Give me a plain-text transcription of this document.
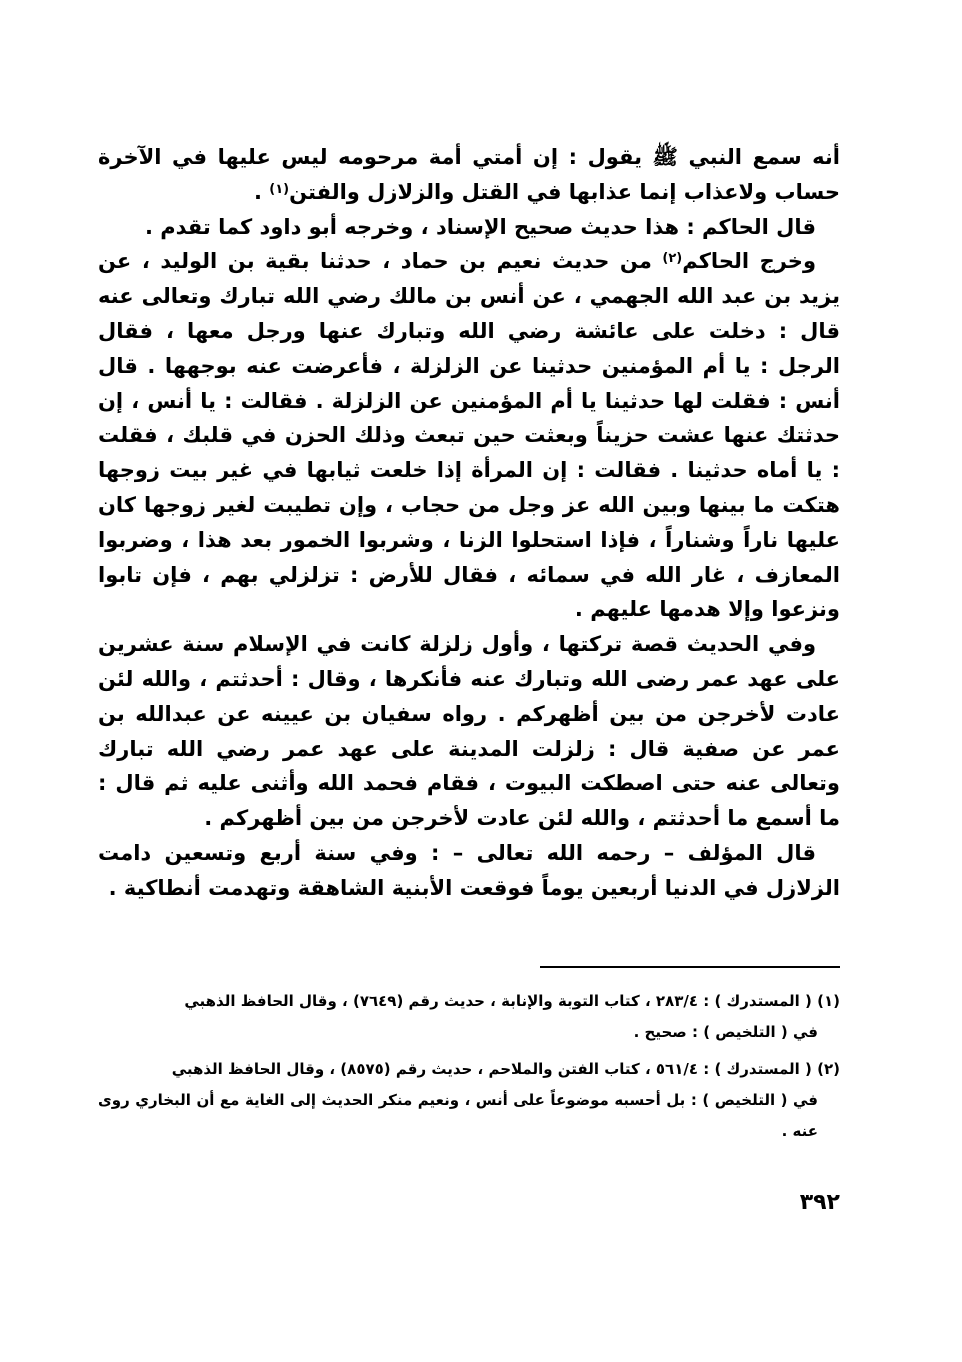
أنه سمع النبي ﷺ يقول : إن أمتي أمة مرحومه ليس عليها في الآخرة حساب ولاعذاب إنما عذابها في القتل والزلازل والفتن$^{(١)}$ .

قال الحاكم : هذا حديث صحيح الإسناد ، وخرجه أبو داود كما تقدم .

وخرج الحاكم$^{(٢)}$ من حديث نعيم بن حماد ، حدثنا بقية بن الوليد ، عن يزيد بن عبد الله الجهمي ، عن أنس بن مالك رضي الله تبارك وتعالى عنه قال : دخلت على عائشة رضي الله وتبارك عنها ورجل معها ، فقال الرجل : يا أم المؤمنين حدثينا عن الزلزلة ، فأعرضت عنه بوجهها . قال أنس : فقلت لها حدثينا يا أم المؤمنين عن الزلزلة . فقالت : يا أنس ، إن حدثتك عنها عشت حزيناً وبعثت حين تبعث وذلك الحزن في قلبك ، فقلت : يا أماه حدثينا . فقالت : إن المرأة إذا خلعت ثيابها في غير بيت زوجها هتكت ما بينها وبين الله عز وجل من حجاب ، وإن تطيبت لغير زوجها كان عليها ناراً وشناراً ، فإذا استحلوا الزنا ، وشربوا الخمور بعد هذا ، وضربوا المعازف ، غار الله في سمائه ، فقال للأرض : تزلزلي بهم ، فإن تابوا ونزعوا وإلا هدمها عليهم .

وفي الحديث قصة تركتها ، وأول زلزلة كانت في الإسلام سنة عشرين على عهد عمر رضى الله وتبارك عنه فأنكرها ، وقال : أحدثتم ، والله لئن عادت لأخرجن من بين أظهركم . رواه سفيان بن عيينه عن عبدالله بن عمر عن صفية قال : زلزلت المدينة على عهد عمر رضي الله تبارك وتعالى عنه حتى اصطكت البيوت ، فقام فحمد الله وأثنى عليه ثم قال : ما أسمع ما أحدثتم ، والله لئن عادت لأخرجن من بين أظهركم .

قال المؤلف – رحمه الله تعالى – : وفي سنة أربع وتسعين دامت الزلازل في الدنيا أربعين يوماً فوقعت الأبنية الشاهقة وتهدمت أنطاكية .

(١) ( المستدرك ) : ٢٨٣/٤ ، كتاب التوبة والإنابة ، حديث رقم (٧٦٤٩) ، وقال الحافظ الذهبي
في ( التلخيص ) : صحيح .

(٢) ( المستدرك ) : ٥٦١/٤ ، كتاب الفتن والملاحم ، حديث رقم (٨٥٧٥) ، وقال الحافظ الذهبي
في ( التلخيص ) : بل أحسبه موضوعاً على أنس ، ونعيم منكر الحديث إلى الغاية مع أن البخاري روى عنه .

٣٩٢
